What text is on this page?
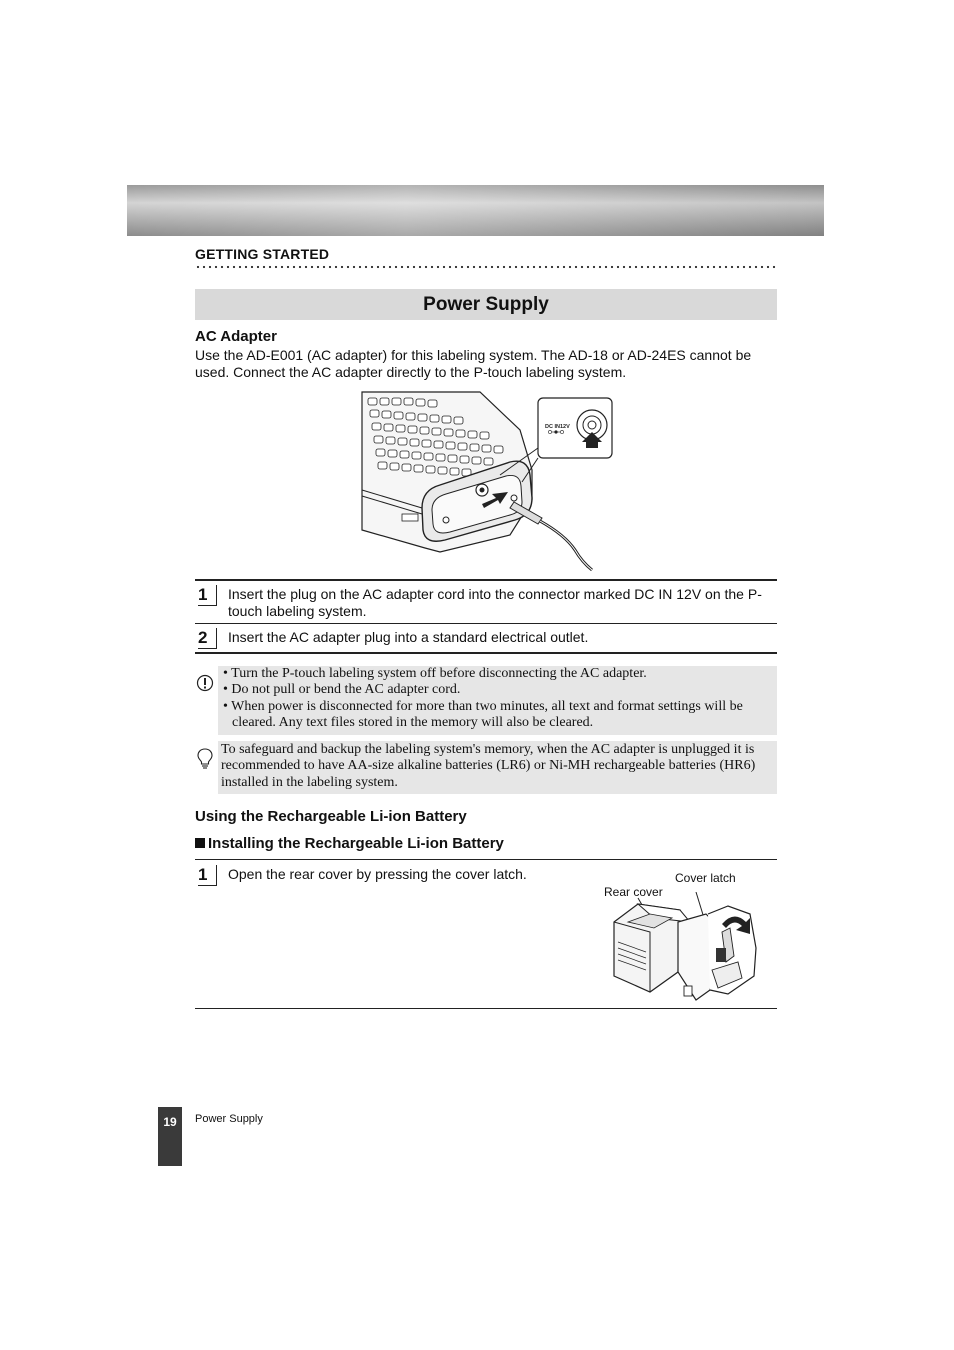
GETTING STARTED
Power Supply
AC Adapter
Use the AD-E001 (AC adapter) for this labeling system. The AD-18 or AD-24ES cannot be used. Connect the AC adapter directly to the P-touch labeling system.
DC IN12V
1	Insert the plug on the AC adapter cord into the connector marked DC IN 12V on the P-touch labeling system.
2	Insert the AC adapter plug into a standard electrical outlet.
• Turn the P-touch labeling system off before disconnecting the AC adapter.
• Do not pull or bend the AC adapter cord.
• When power is disconnected for more than two minutes, all text and format settings will be cleared. Any text files stored in the memory will also be cleared.
To safeguard and backup the labeling system's memory, when the AC adapter is unplugged it is recommended to have AA-size alkaline batteries (LR6) or Ni-MH rechargeable batteries (HR6) installed in the labeling system.
Using the Rechargeable Li-ion Battery
Installing the Rechargeable Li-ion Battery
1	Open the rear cover by pressing the cover latch.
Rear cover
Cover latch
19	Power Supply
